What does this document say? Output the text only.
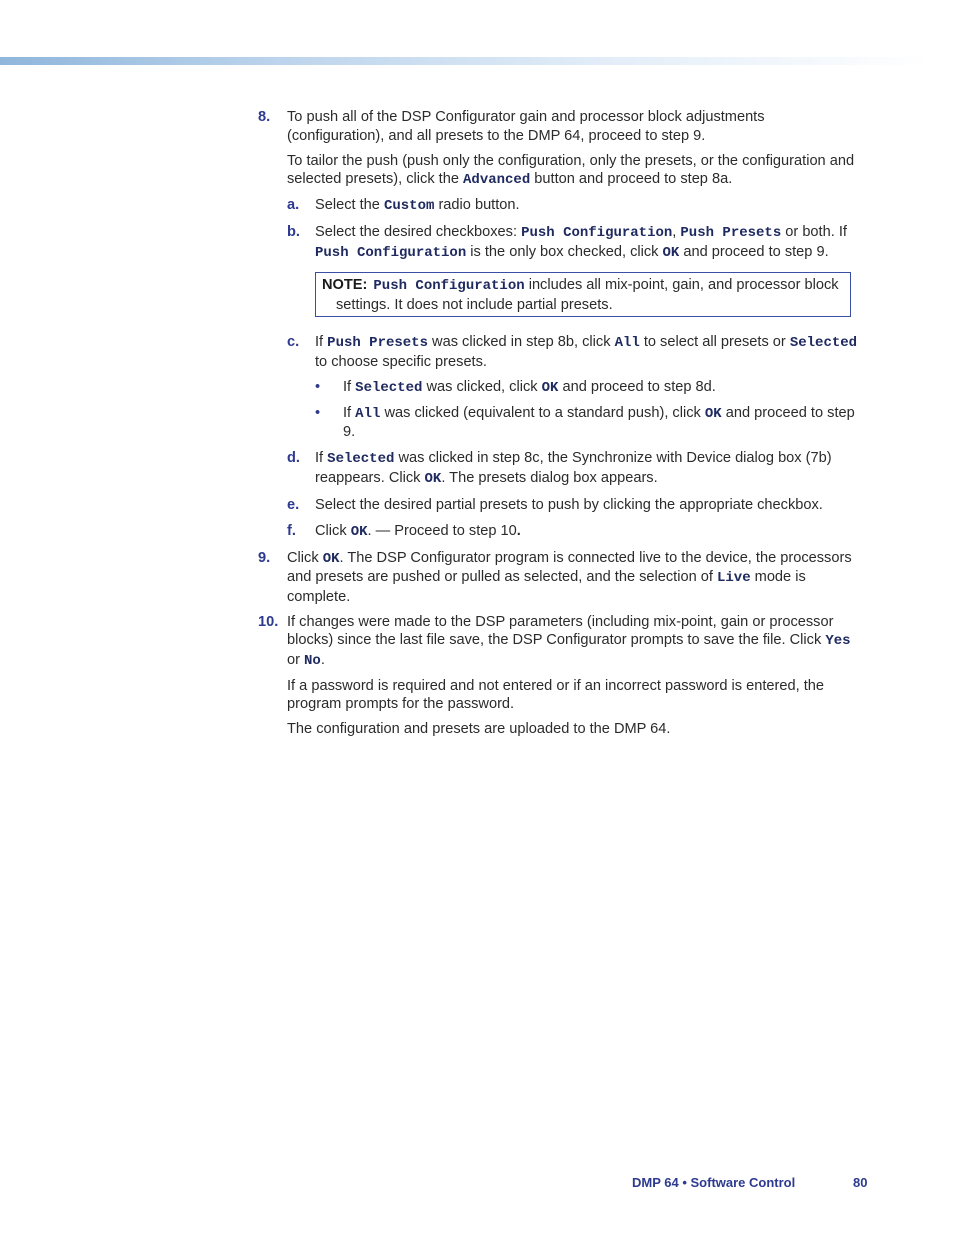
8. To push all of the DSP Configurator gain and processor block adjustments (configuration), and all presets to the DMP 64, proceed to step 9.

To tailor the push (push only the configuration, only the presets, or the configuration and selected presets), click the Advanced button and proceed to step 8a.

a. Select the Custom radio button.
b. Select the desired checkboxes: Push Configuration, Push Presets or both. If Push Configuration is the only box checked, click OK and proceed to step 9.
NOTE: Push Configuration includes all mix-point, gain, and processor block settings. It does not include partial presets.
c. If Push Presets was clicked in step 8b, click All to select all presets or Selected to choose specific presets.
• If Selected was clicked, click OK and proceed to step 8d.
• If All was clicked (equivalent to a standard push), click OK and proceed to step 9.
d. If Selected was clicked in step 8c, the Synchronize with Device dialog box (7b) reappears. Click OK. The presets dialog box appears.
e. Select the desired partial presets to push by clicking the appropriate checkbox.
f. Click OK. — Proceed to step 10.
9. Click OK. The DSP Configurator program is connected live to the device, the processors and presets are pushed or pulled as selected, and the selection of Live mode is complete.

10. If changes were made to the DSP parameters (including mix-point, gain or processor blocks) since the last file save, the DSP Configurator prompts to save the file. Click Yes or No.

If a password is required and not entered or if an incorrect password is entered, the program prompts for the password.

The configuration and presets are uploaded to the DMP 64.

DMP 64 • Software Control	80
